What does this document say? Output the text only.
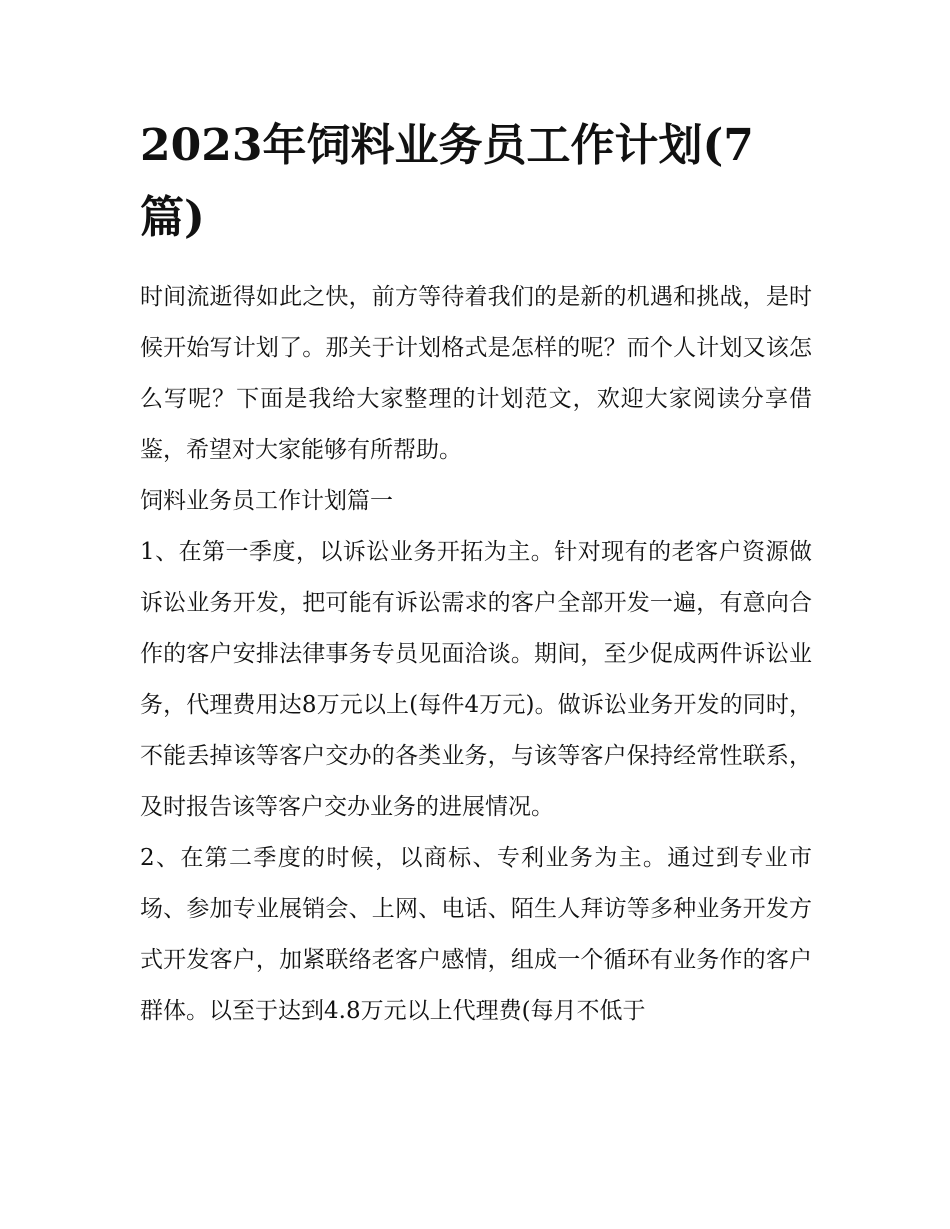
2023年饲料业务员工作计划(7篇)

时间流逝得如此之快，前方等待着我们的是新的机遇和挑战，是时候开始写计划了。那关于计划格式是怎样的呢？而个人计划又该怎么写呢？下面是我给大家整理的计划范文，欢迎大家阅读分享借鉴，希望对大家能够有所帮助。

饲料业务员工作计划篇一

1、在第一季度，以诉讼业务开拓为主。针对现有的老客户资源做诉讼业务开发，把可能有诉讼需求的客户全部开发一遍，有意向合作的客户安排法律事务专员见面洽谈。期间，至少促成两件诉讼业务，代理费用达8万元以上(每件4万元)。做诉讼业务开发的同时，不能丢掉该等客户交办的各类业务，与该等客户保持经常性联系，及时报告该等客户交办业务的进展情况。

2、在第二季度的时候，以商标、专利业务为主。通过到专业市场、参加专业展销会、上网、电话、陌生人拜访等多种业务开发方式开发客户，加紧联络老客户感情，组成一个循环有业务作的客户群体。以至于达到4.8万元以上代理费(每月不低于
